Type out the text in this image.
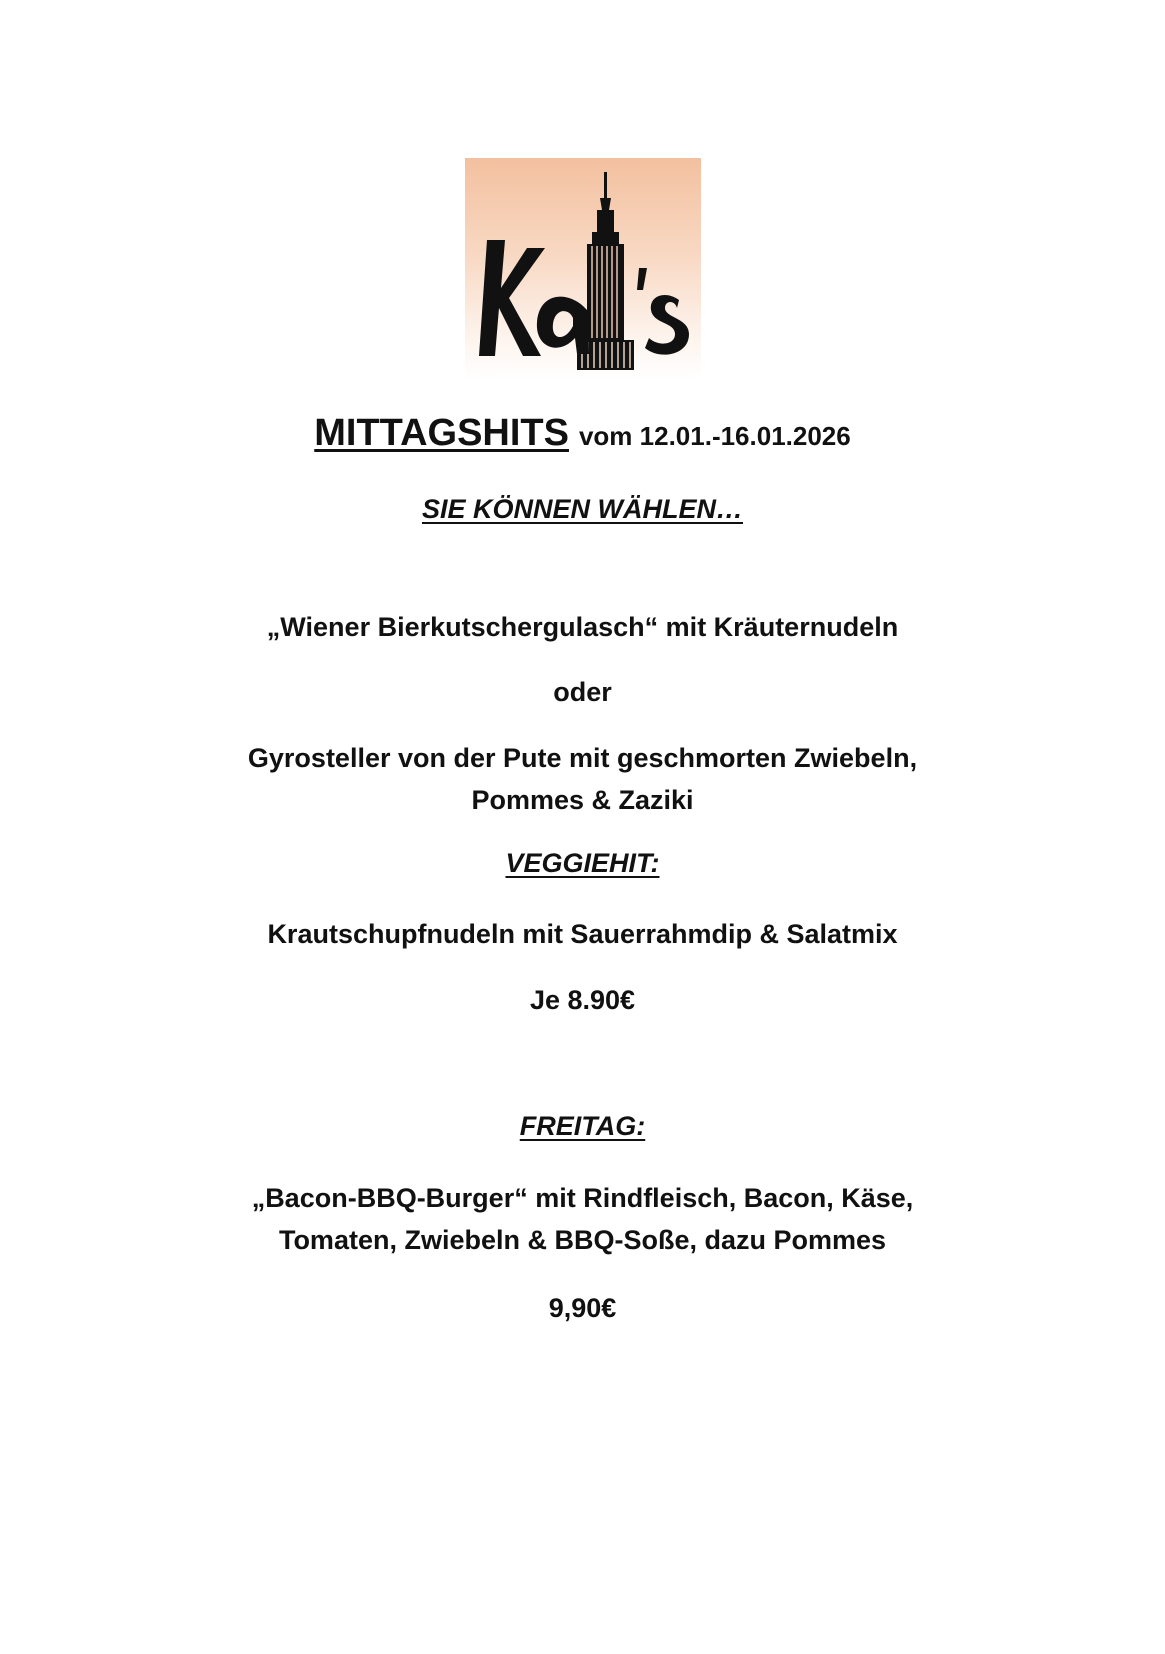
MITTAGSHITS vom 12.01.-16.01.2026
SIE KÖNNEN WÄHLEN…
„Wiener Bierkutschergulasch“ mit Kräuternudeln
oder
Gyrosteller von der Pute mit geschmorten Zwiebeln,
Pommes & Zaziki
VEGGIEHIT:
Krautschupfnudeln mit Sauerrahmdip & Salatmix
Je 8.90€
FREITAG:
„Bacon-BBQ-Burger“ mit Rindfleisch, Bacon, Käse,
Tomaten, Zwiebeln & BBQ-Soße, dazu Pommes
9,90€
